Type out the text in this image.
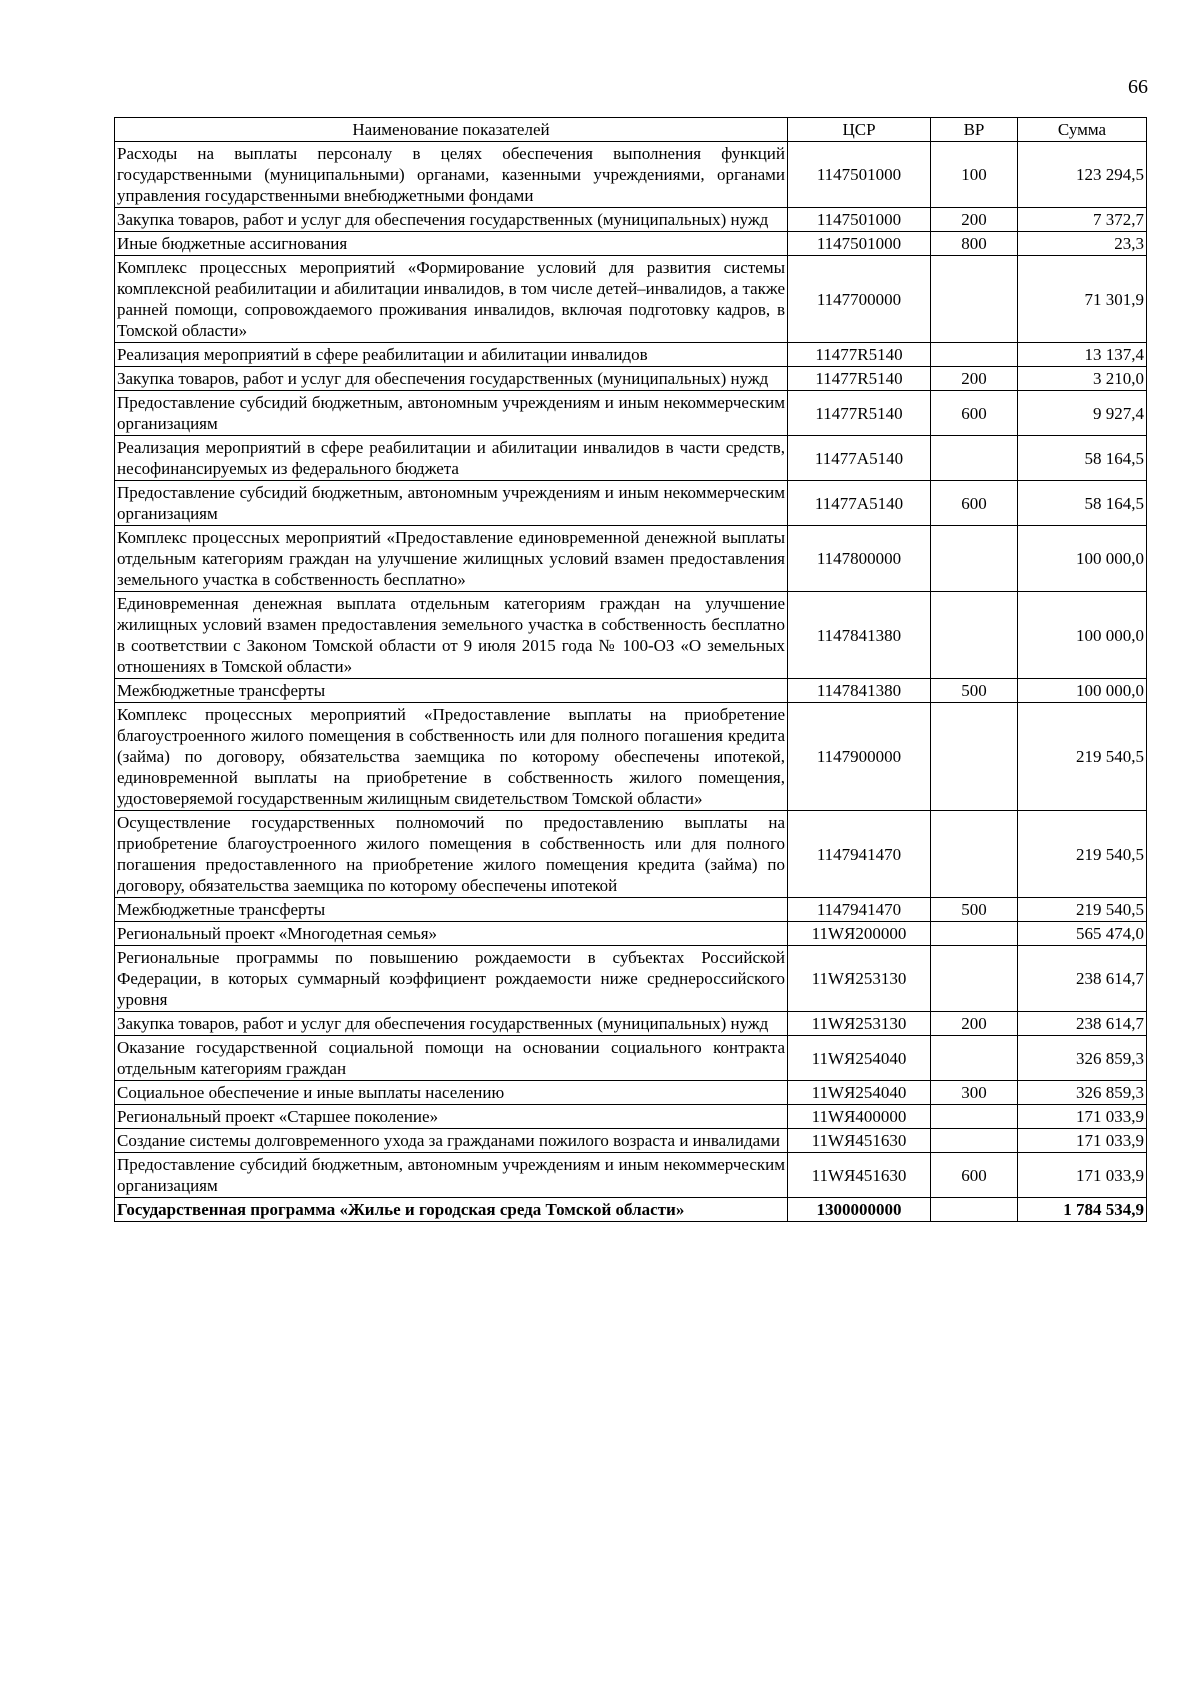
66
Наименование показателей	ЦСР	ВР	Сумма
Расходы на выплаты персоналу в целях обеспечения выполнения функций государственными (муниципальными) органами, казенными учреждениями, органами управления государственными внебюджетными фондами	1147501000	100	123 294,5
Закупка товаров, работ и услуг для обеспечения государственных (муниципальных) нужд	1147501000	200	7 372,7
Иные бюджетные ассигнования	1147501000	800	23,3
Комплекс процессных мероприятий «Формирование условий для развития системы комплексной реабилитации и абилитации инвалидов, в том числе детей–инвалидов, а также ранней помощи, сопровождаемого проживания инвалидов, включая подготовку кадров, в Томской области»	1147700000		71 301,9
Реализация мероприятий в сфере реабилитации и абилитации инвалидов	11477R5140		13 137,4
Закупка товаров, работ и услуг для обеспечения государственных (муниципальных) нужд	11477R5140	200	3 210,0
Предоставление субсидий бюджетным, автономным учреждениям и иным некоммерческим организациям	11477R5140	600	9 927,4
Реализация мероприятий в сфере реабилитации и абилитации инвалидов в части средств, несофинансируемых из федерального бюджета	11477A5140		58 164,5
Предоставление субсидий бюджетным, автономным учреждениям и иным некоммерческим организациям	11477A5140	600	58 164,5
Комплекс процессных мероприятий «Предоставление единовременной денежной выплаты отдельным категориям граждан на улучшение жилищных условий взамен предоставления земельного участка в собственность бесплатно»	1147800000		100 000,0
Единовременная денежная выплата отдельным категориям граждан на улучшение жилищных условий взамен предоставления земельного участка в собственность бесплатно в соответствии с Законом Томской области от 9 июля 2015 года № 100-ОЗ «О земельных отношениях в Томской области»	1147841380		100 000,0
Межбюджетные трансферты	1147841380	500	100 000,0
Комплекс процессных мероприятий «Предоставление выплаты на приобретение благоустроенного жилого помещения в собственность или для полного погашения кредита (займа) по договору, обязательства заемщика по которому обеспечены ипотекой, единовременной выплаты на приобретение в собственность жилого помещения, удостоверяемой государственным жилищным свидетельством Томской области»	1147900000		219 540,5
Осуществление государственных полномочий по предоставлению выплаты на приобретение благоустроенного жилого помещения в собственность или для полного погашения предоставленного на приобретение жилого помещения кредита (займа) по договору, обязательства заемщика по которому обеспечены ипотекой	1147941470		219 540,5
Межбюджетные трансферты	1147941470	500	219 540,5
Региональный проект «Многодетная семья»	11WЯ200000		565 474,0
Региональные программы по повышению рождаемости в субъектах Российской Федерации, в которых суммарный коэффициент рождаемости ниже среднероссийского уровня	11WЯ253130		238 614,7
Закупка товаров, работ и услуг для обеспечения государственных (муниципальных) нужд	11WЯ253130	200	238 614,7
Оказание государственной социальной помощи на основании социального контракта отдельным категориям граждан	11WЯ254040		326 859,3
Социальное обеспечение и иные выплаты населению	11WЯ254040	300	326 859,3
Региональный проект «Старшее поколение»	11WЯ400000		171 033,9
Создание системы долговременного ухода за гражданами пожилого возраста и инвалидами	11WЯ451630		171 033,9
Предоставление субсидий бюджетным, автономным учреждениям и иным некоммерческим организациям	11WЯ451630	600	171 033,9
Государственная программа «Жилье и городская среда Томской области»	1300000000		1 784 534,9
